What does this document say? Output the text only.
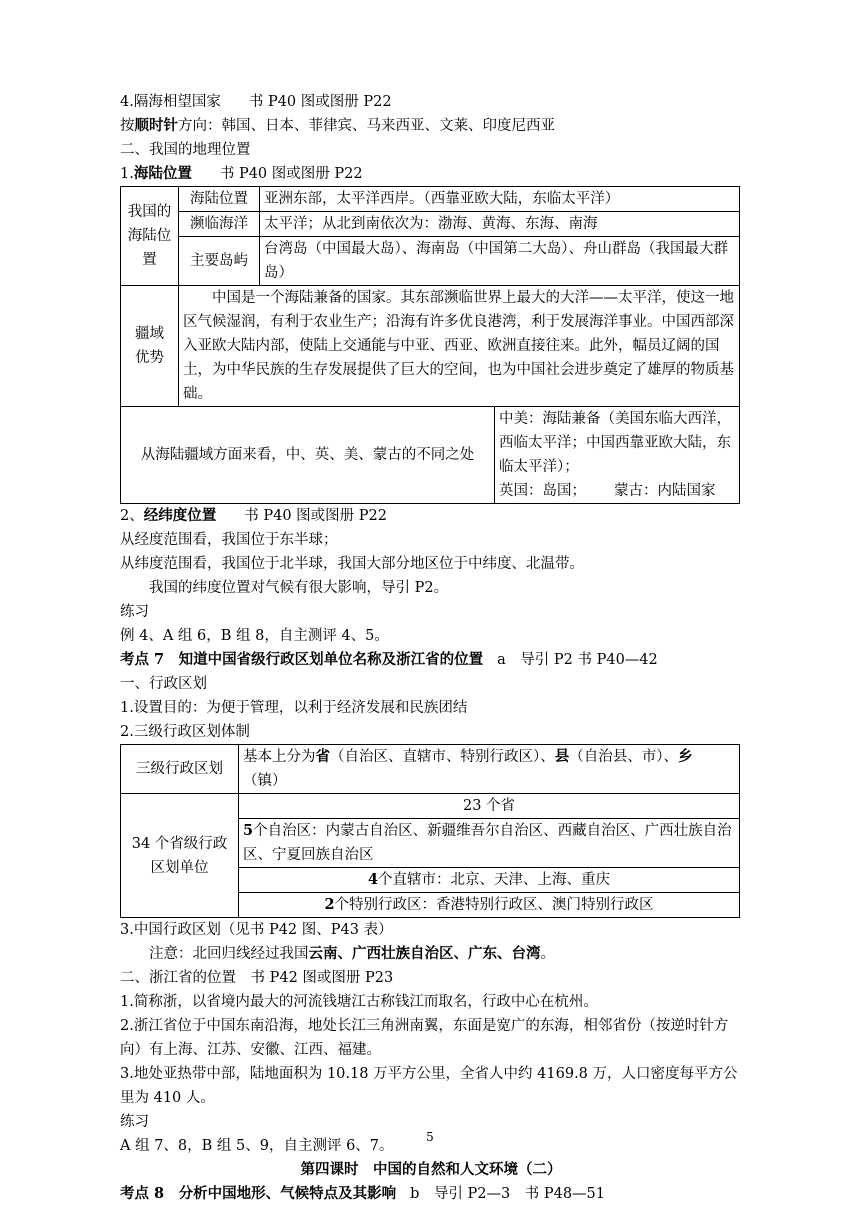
4.隔海相望国家 书 P40 图或图册 P22
按顺时针方向：韩国、日本、菲律宾、马来西亚、文莱、印度尼西亚
二、我国的地理位置
1.海陆位置 书 P40 图或图册 P22
我国的海陆位置	海陆位置	亚洲东部，太平洋西岸。（西靠亚欧大陆，东临太平洋）	
	濒临海洋	太平洋；从北到南依次为：渤海、黄海、东海、南海	
	主要岛屿	台湾岛（中国最大岛）、海南岛（中国第二大岛）、舟山群岛（我国最大群岛）	
疆域优势	中国是一个海陆兼备的国家。其东部濒临世界上最大的大洋——太平洋，使这一地区气候湿润，有利于农业生产；沿海有许多优良港湾，利于发展海洋事业。中国西部深入亚欧大陆内部，使陆上交通能与中亚、西亚、欧洲直接往来。此外，幅员辽阔的国土，为中华民族的生存发展提供了巨大的空间，也为中国社会进步奠定了雄厚的物质基础。		
从海陆疆域方面来看，中、英、美、蒙古的不同之处			中美：海陆兼备（美国东临大西洋，西临太平洋；中国西靠亚欧大陆，东临太平洋）；
英国：岛国； 蒙古：内陆国家
2、经纬度位置 书 P40 图或图册 P22
从经度范围看，我国位于东半球；
从纬度范围看，我国位于北半球，我国大部分地区位于中纬度、北温带。
我国的纬度位置对气候有很大影响，导引 P2。
练习
例 4、A 组 6，B 组 8，自主测评 4、5。
考点 7　知道中国省级行政区划单位名称及浙江省的位置 a　导引 P2 书 P40—42
一、行政区划
1.设置目的：为便于管理，以利于经济发展和民族团结
2.三级行政区划体制
三级行政区划	基本上分为省（自治区、直辖市、特别行政区）、县（自治县、市）、乡（镇）
34 个省级行政区划单位	23 个省
	5个自治区：内蒙古自治区、新疆维吾尔自治区、西藏自治区、广西壮族自治区、宁夏回族自治区
	4个直辖市：北京、天津、上海、重庆
	2个特别行政区：香港特别行政区、澳门特别行政区
3.中国行政区划（见书 P42 图、P43 表）
注意：北回归线经过我国云南、广西壮族自治区、广东、台湾。
二、浙江省的位置　书 P42 图或图册 P23
1.简称浙，以省境内最大的河流钱塘江古称钱江而取名，行政中心在杭州。
2.浙江省位于中国东南沿海，地处长江三角洲南翼，东面是宽广的东海，相邻省份（按逆时针方向）有上海、江苏、安徽、江西、福建。
3.地处亚热带中部，陆地面积为 10.18 万平方公里，全省人中约 4169.8 万，人口密度每平方公里为 410 人。
练习
A 组 7、8，B 组 5、9，自主测评 6、7。
第四课时　中国的自然和人文环境（二）
考点 8　分析中国地形、气候特点及其影响 b　导引 P2—3　书 P48—51
5
